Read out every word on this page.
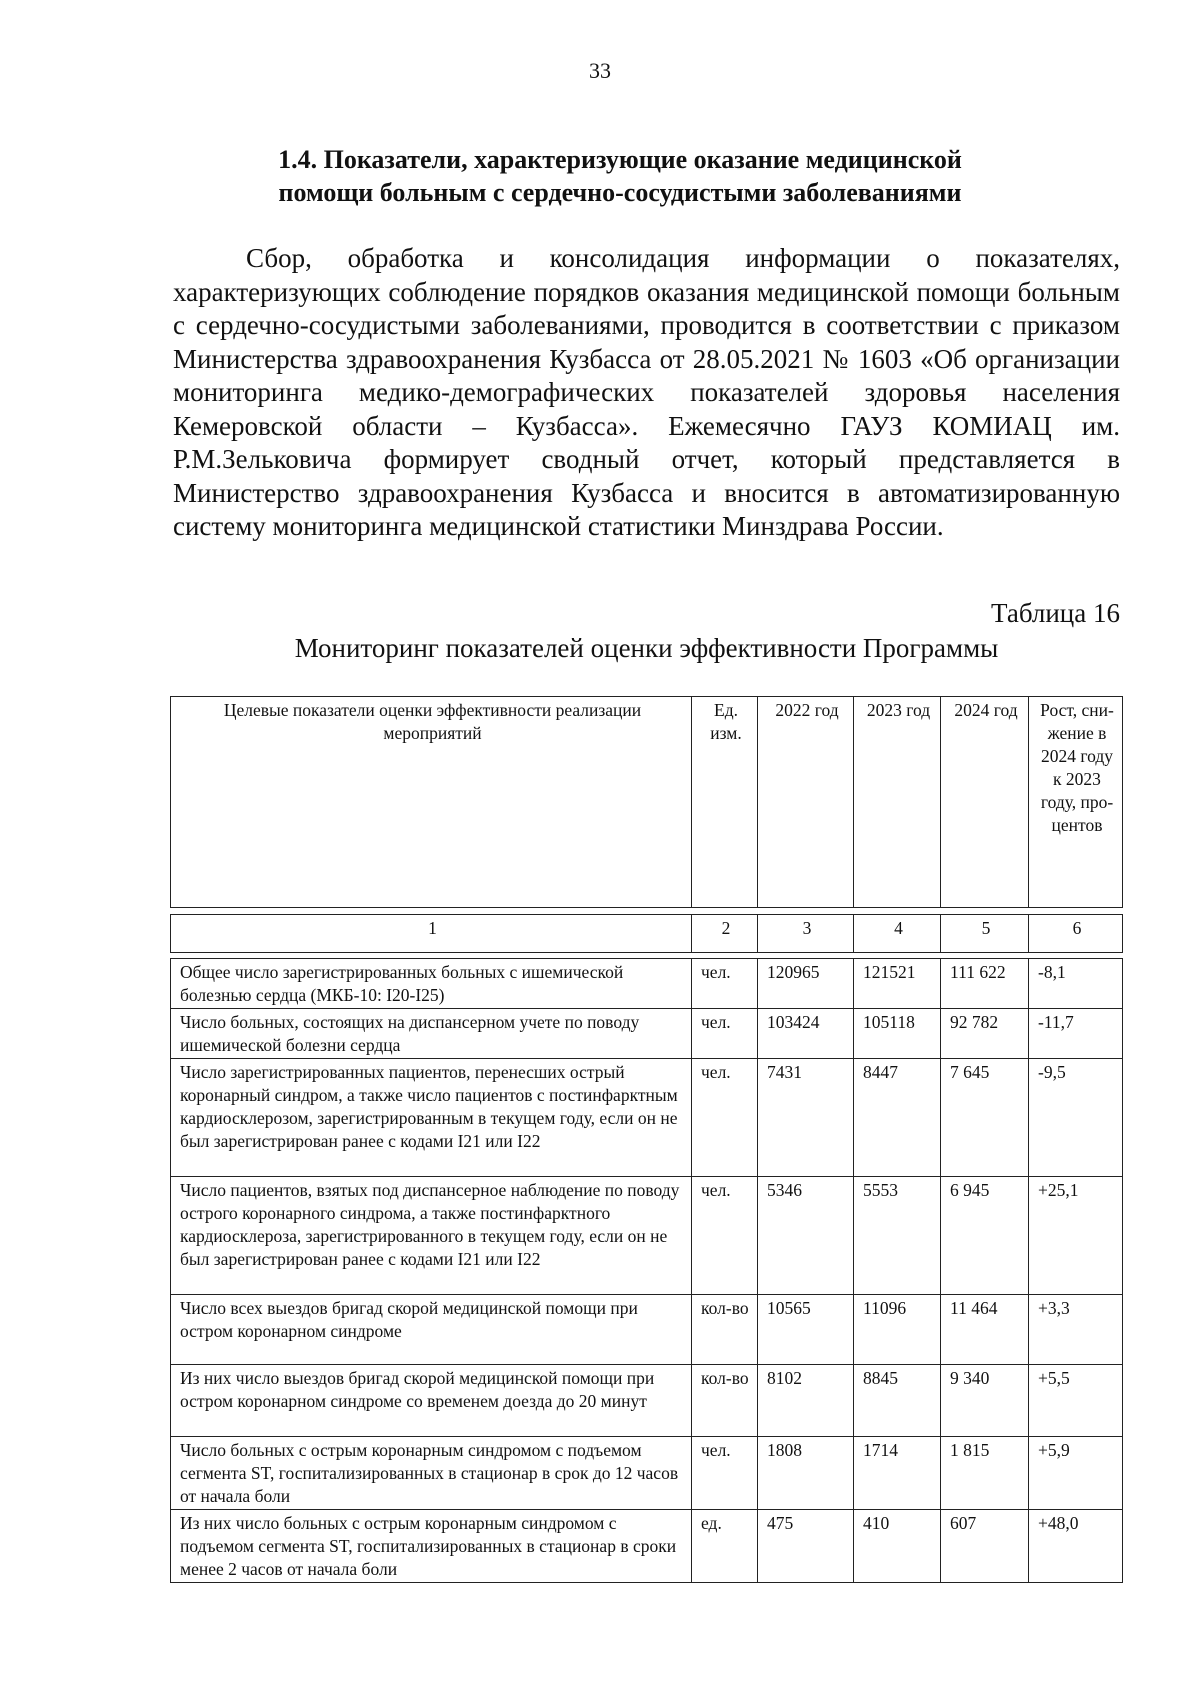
33
1.4. Показатели, характеризующие оказание медицинской
помощи больным с сердечно-сосудистыми заболеваниями

Сбор, обработка и консолидация информации о показателях, характеризующих соблюдение порядков оказания медицинской помощи больным с сердечно-сосудистыми заболеваниями, проводится в соответствии с приказом Министерства здравоохранения Кузбасса от 28.05.2021 № 1603 «Об организации мониторинга медико-демографических показателей здоровья населения Кемеровской области – Кузбасса». Ежемесячно ГАУЗ КОМИАЦ им. Р.М.Зельковича формирует сводный отчет, который представляется в Министерство здравоохранения Кузбасса и вносится в автоматизированную систему мониторинга медицинской статистики Минздрава России.

Таблица 16
Мониторинг показателей оценки эффективности Программы
Целевые показатели оценки эффективности реализации мероприятий	Ед. изм.	2022 год	2023 год	2024 год	Рост, сни-жение в 2024 году к 2023 году, про-центов
1	2	3	4	5	6
Общее число зарегистрированных больных с ишемической болезнью сердца (МКБ-10: I20-I25)	чел.	120965	121521	111 622	-8,1
Число больных, состоящих на диспансерном учете по поводу ишемической болезни сердца	чел.	103424	105118	92 782	-11,7
Число зарегистрированных пациентов, перенесших острый коронарный синдром, а также число пациентов с постинфарктным кардиосклерозом, зарегистрированным в текущем году, если он не был зарегистрирован ранее с кодами I21 или I22	чел.	7431	8447	7 645	-9,5
Число пациентов, взятых под диспансерное наблюдение по поводу острого коронарного синдрома, а также постинфарктного кардиосклероза, зарегистрированного в текущем году, если он не был зарегистрирован ранее с кодами I21 или I22	чел.	5346	5553	6 945	+25,1
Число всех выездов бригад скорой медицинской помощи при остром коронарном синдроме	кол-во	10565	11096	11 464	+3,3
Из них число выездов бригад скорой медицинской помощи при остром коронарном синдроме со временем доезда до 20 минут	кол-во	8102	8845	9 340	+5,5
Число больных с острым коронарным синдромом с подъемом сегмента ST, госпитализированных в стационар в срок до 12 часов от начала боли	чел.	1808	1714	1 815	+5,9
Из них число больных с острым коронарным синдромом с подъемом сегмента ST, госпитализированных в стационар в сроки менее 2 часов от начала боли	ед.	475	410	607	+48,0
